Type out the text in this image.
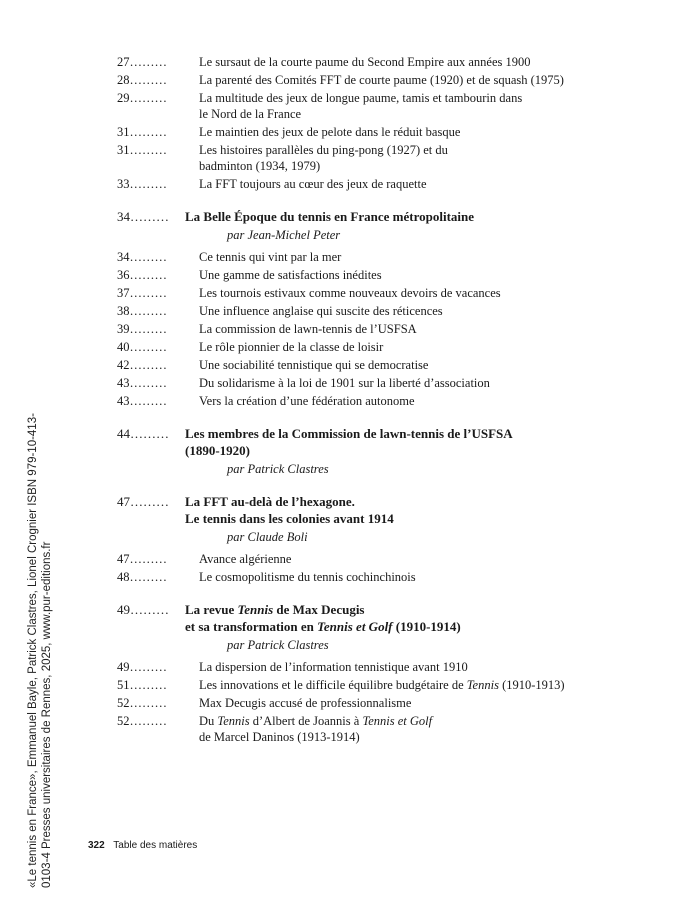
27………	Le sursaut de la courte paume du Second Empire aux années 1900
28………	La parenté des Comités FFT de courte paume (1920) et de squash (1975)
29………	La multitude des jeux de longue paume, tamis et tambourin dans le Nord de la France
31………	Le maintien des jeux de pelote dans le réduit basque
31………	Les histoires parallèles du ping-pong (1927) et du badminton (1934, 1979)
33………	La FFT toujours au cœur des jeux de raquette
34………	La Belle Époque du tennis en France métropolitaine
par Jean-Michel Peter
34………	Ce tennis qui vint par la mer
36………	Une gamme de satisfactions inédites
37………	Les tournois estivaux comme nouveaux devoirs de vacances
38………	Une influence anglaise qui suscite des réticences
39………	La commission de lawn-tennis de l’USFSA
40………	Le rôle pionnier de la classe de loisir
42………	Une sociabilité tennistique qui se democratise
43………	Du solidarisme à la loi de 1901 sur la liberté d’association
43………	Vers la création d’une fédération autonome
44………	Les membres de la Commission de lawn-tennis de l’USFSA (1890-1920)
par Patrick Clastres
47………	La FFT au-delà de l’hexagone.
Le tennis dans les colonies avant 1914
par Claude Boli
47………	Avance algérienne
48………	Le cosmopolitisme du tennis cochinchinois
49………	La revue Tennis de Max Decugis
et sa transformation en Tennis et Golf (1910-1914)
par Patrick Clastres
49………	La dispersion de l’information tennistique avant 1910
51………	Les innovations et le difficile équilibre budgétaire de Tennis (1910-1913)
52………	Max Decugis accusé de professionnalisme
52………	Du Tennis d’Albert de Joannis à Tennis et Golf
de Marcel Daninos (1913-1914)
322 Table des matières
«Le tennis en France», Emmanuel Bayle, Patrick Clastres, Lionel Crognier ISBN 979-10-413-0103-4 Presses universitaires de Rennes, 2025, www.pur-editions.fr
